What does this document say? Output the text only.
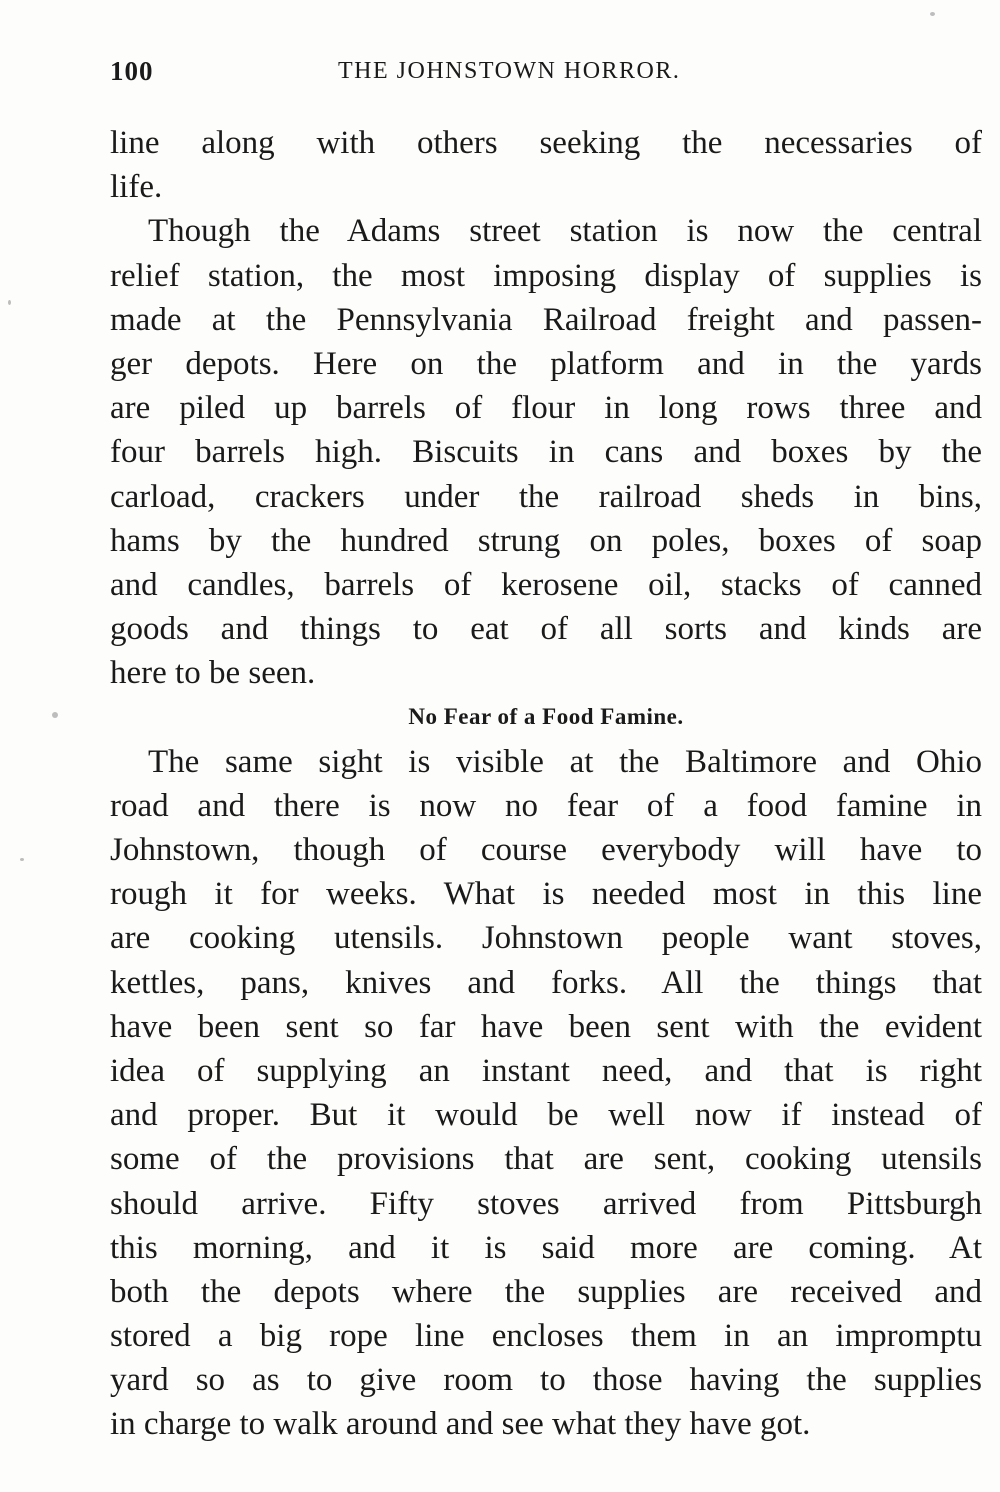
100	THE JOHNSTOWN HORROR.
line along with others seeking the necessaries of
life.
Though the Adams street station is now the central
relief station, the most imposing display of supplies is
made at the Pennsylvania Railroad freight and passen-
ger depots. Here on the platform and in the yards
are piled up barrels of flour in long rows three and
four barrels high. Biscuits in cans and boxes by the
carload, crackers under the railroad sheds in bins,
hams by the hundred strung on poles, boxes of soap
and candles, barrels of kerosene oil, stacks of canned
goods and things to eat of all sorts and kinds are
here to be seen.
No Fear of a Food Famine.
The same sight is visible at the Baltimore and Ohio
road and there is now no fear of a food famine in
Johnstown, though of course everybody will have to
rough it for weeks. What is needed most in this line
are cooking utensils. Johnstown people want stoves,
kettles, pans, knives and forks. All the things that
have been sent so far have been sent with the evident
idea of supplying an instant need, and that is right
and proper. But it would be well now if instead of
some of the provisions that are sent, cooking utensils
should arrive. Fifty stoves arrived from Pittsburgh
this morning, and it is said more are coming. At
both the depots where the supplies are received and
stored a big rope line encloses them in an impromptu
yard so as to give room to those having the supplies
in charge to walk around and see what they have got.
